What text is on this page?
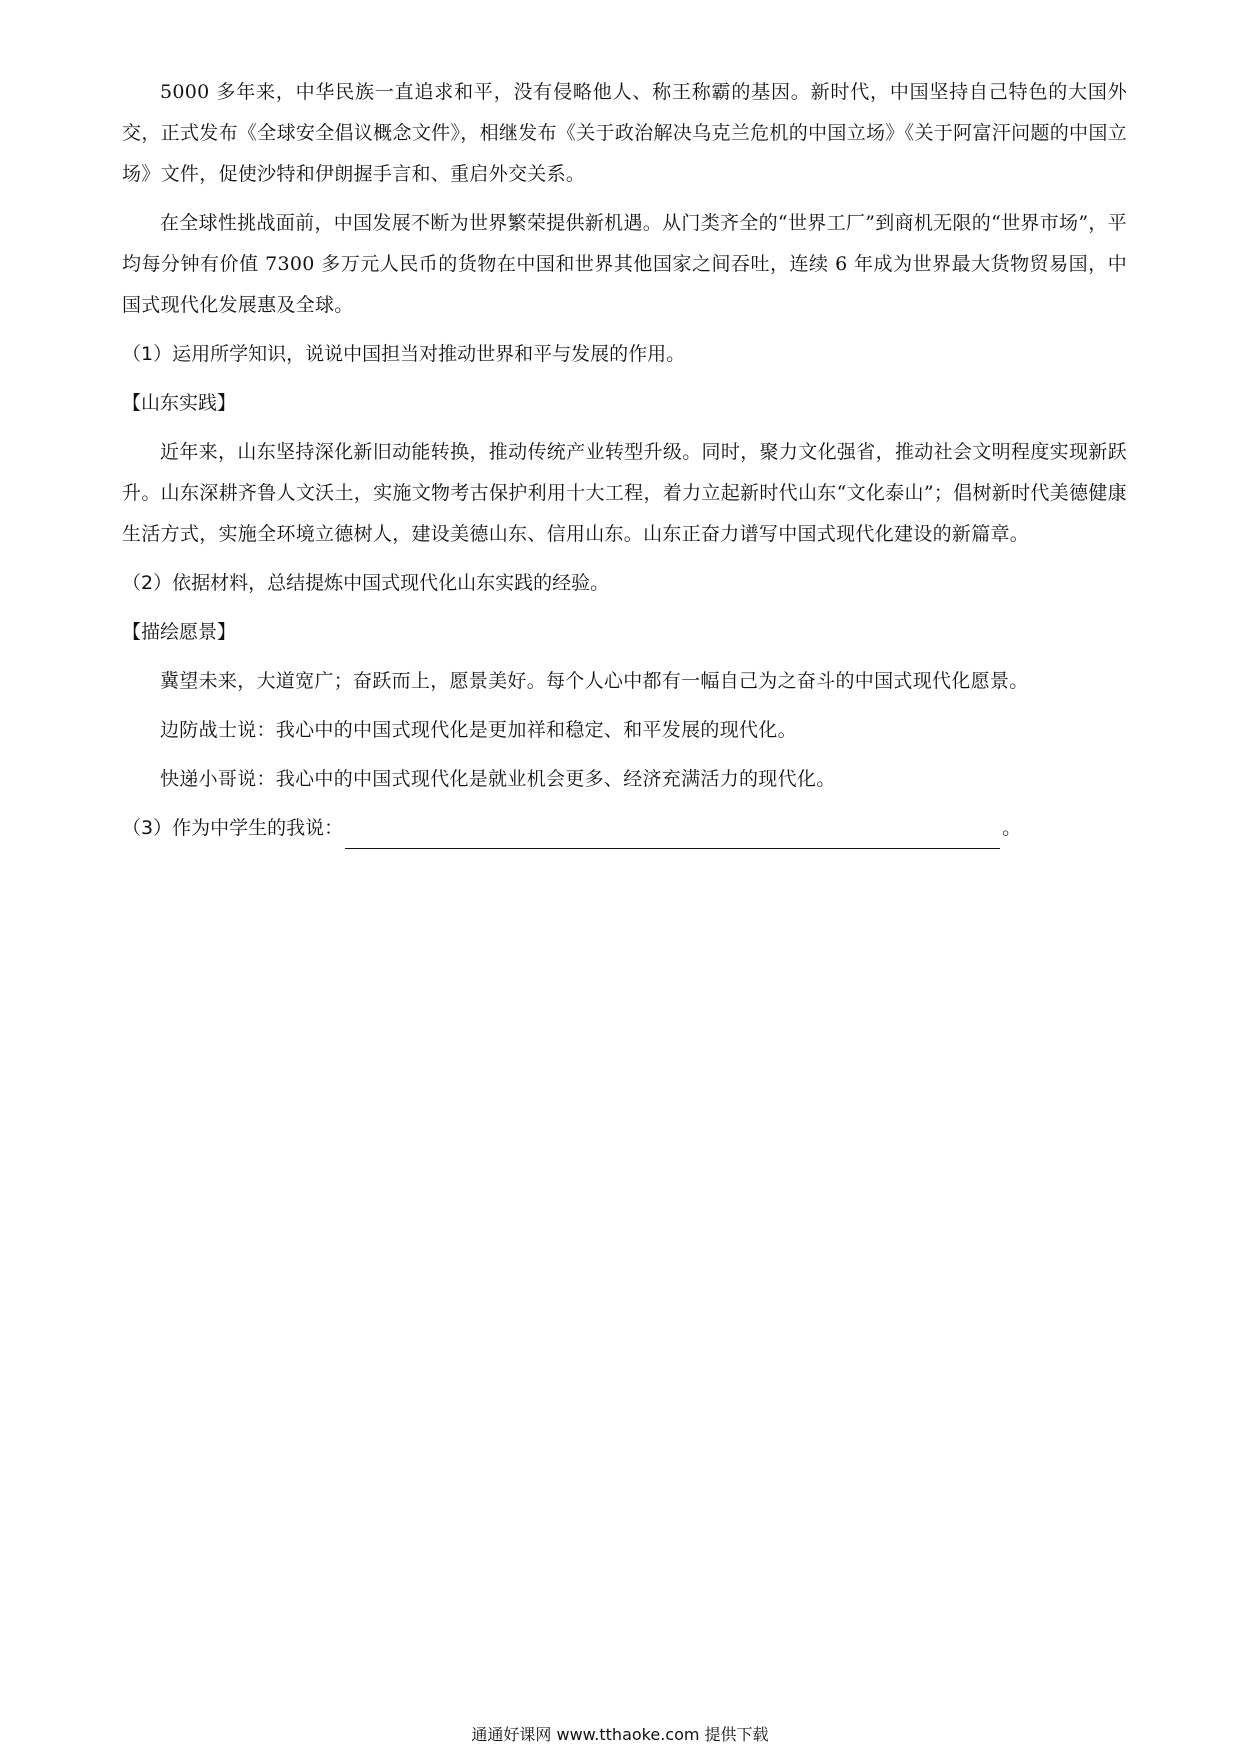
5000 多年来，中华民族一直追求和平，没有侵略他人、称王称霸的基因。新时代，中国坚持自己特色的大国外交，正式发布《全球安全倡议概念文件》，相继发布《关于政治解决乌克兰危机的中国立场》《关于阿富汗问题的中国立场》文件，促使沙特和伊朗握手言和、重启外交关系。

在全球性挑战面前，中国发展不断为世界繁荣提供新机遇。从门类齐全的“世界工厂”到商机无限的“世界市场”，平均每分钟有价值 7300 多万元人民币的货物在中国和世界其他国家之间吞吐，连续 6 年成为世界最大货物贸易国，中国式现代化发展惠及全球。

（1）运用所学知识，说说中国担当对推动世界和平与发展的作用。

【山东实践】

近年来，山东坚持深化新旧动能转换，推动传统产业转型升级。同时，聚力文化强省，推动社会文明程度实现新跃升。山东深耕齐鲁人文沃土，实施文物考古保护利用十大工程，着力立起新时代山东“文化泰山”；倡树新时代美德健康生活方式，实施全环境立德树人，建设美德山东、信用山东。山东正奋力谱写中国式现代化建设的新篇章。

（2）依据材料，总结提炼中国式现代化山东实践的经验。

【描绘愿景】

冀望未来，大道宽广；奋跃而上，愿景美好。每个人心中都有一幅自己为之奋斗的中国式现代化愿景。

边防战士说：我心中的中国式现代化是更加祥和稳定、和平发展的现代化。

快递小哥说：我心中的中国式现代化是就业机会更多、经济充满活力的现代化。

（3）作为中学生的我说：	。

通通好课网 www.tthaoke.com 提供下载
